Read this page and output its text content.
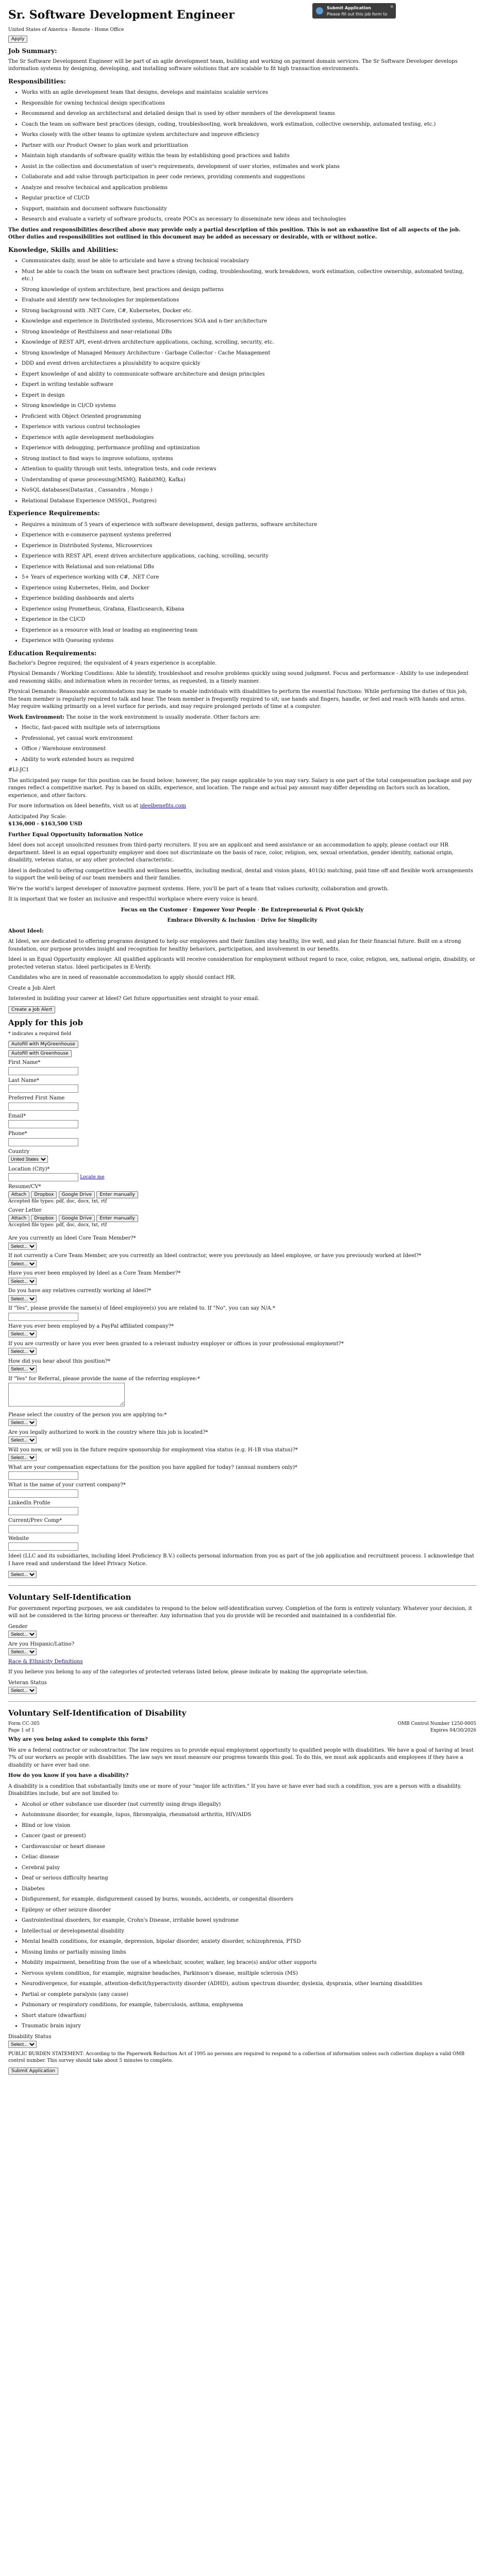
Submit Application
Please fill out this job form to apply
✕
Sr. Software Development Engineer
United States of America - Remote - Home Office
Apply
Job Summary:

The Sr Software Development Engineer will be part of an agile development team, building and working on payment domain services. The Sr Software Developer develops information systems by designing, developing, and installing software solutions that are scalable to fit high transaction environments.

Responsibilities:
• Works with an agile development team that designs, develops and maintains scalable services
• Responsible for owning technical design specifications
• Recommend and develop an architectural and detailed design that is used by other members of the development teams
• Coach the team on software best practices (design, coding, troubleshooting, work breakdown, work estimation, collective ownership, automated testing, etc.)
• Works closely with the other teams to optimize system architecture and improve efficiency
• Partner with our Product Owner to plan work and prioritization
• Maintain high standards of software quality within the team by establishing good practices and habits
• Assist in the collection and documentation of user's requirements, development of user stories, estimates and work plans
• Collaborate and add value through participation in peer code reviews, providing comments and suggestions
• Analyze and resolve technical and application problems
• Regular practice of CI/CD
• Support, maintain and document software functionality
• Research and evaluate a variety of software products, create POCs as necessary to disseminate new ideas and technologies

The duties and responsibilities described above may provide only a partial description of this position. This is not an exhaustive list of all aspects of the job. Other duties and responsibilities not outlined in this document may be added as necessary or desirable, with or without notice.

Knowledge, Skills and Abilities:
• Communicates daily, must be able to articulate and have a strong technical vocabulary
• Must be able to coach the team on software best practices (design, coding, troubleshooting, work breakdown, work estimation, collective ownership, automated testing, etc.)
• Strong knowledge of system architecture, best practices and design patterns
• Evaluate and identify new technologies for implementations
• Strong background with .NET Core, C#, Kubernetes, Docker etc.
• Knowledge and experience in Distributed systems, Microservices SOA and n-tier architecture
• Strong knowledge of Restfulness and near-relational DBs
• Knowledge of REST API, event-driven architecture applications, caching, scrolling, security, etc.
• Strong knowledge of Managed Memory Architecture - Garbage Collector - Cache Management
• DDD and event driven architectures a plus/ability to acquire quickly
• Expert knowledge of and ability to communicate software architecture and design principles
• Expert in writing testable software
• Expert in design
• Strong knowledge in CI/CD systems
• Proficient with Object Oriented programming
• Experience with various control technologies
• Experience with agile development methodologies
• Experience with debugging, performance profiling and optimization
• Strong instinct to find ways to improve solutions, systems
• Attention to quality through unit tests, integration tests, and code reviews
• Understanding of queue processing(MSMQ, RabbitMQ, Kafka)
• NoSQL databases(Datastax , Cassandra , Mongo )
• Relational Database Experience (MSSQL, Postgres)
Experience Requirements:
• Requires a minimum of 5 years of experience with software development, design patterns, software architecture
• Experience with e-commerce payment systems preferred
• Experience in Distributed Systems, Microservices
• Experience with REST API, event driven architecture applications, caching, scrolling, security
• Experience with Relational and non-relational DBs
• 5+ Years of experience working with C#, .NET Core
• Experience using Kubernetes, Helm, and Docker
• Experience building dashboards and alerts
• Experience using Prometheus, Grafana, Elasticsearch, Kibana
• Experience in the CI/CD
• Experience as a resource with lead or leading an engineering team
• Experience with Queueing systems
Education Requirements:

Bachelor's Degree required; the equivalent of 4 years experience is acceptable.

Physical Demands / Working Conditions: Able to identify, troubleshoot and resolve problems quickly using sound judgment. Focus and performance - Ability to use independent and reasoning skills; and information when in recorder terms, as requested, in a timely manner.

Physical Demands: Reasonable accommodations may be made to enable individuals with disabilities to perform the essential functions: While performing the duties of this job, the team member is regularly required to talk and hear. The team member is frequently required to sit; use hands and fingers, handle, or feel and reach with hands and arms. May require walking primarily on a level surface for periods, and may require prolonged periods of time at a computer.

Work Environment: The noise in the work environment is usually moderate. Other factors are:

• Hectic, fast-paced with multiple sets of interruptions
• Professional, yet casual work environment
• Office / Warehouse environment
• Ability to work extended hours as required

#LI-JC1

The anticipated pay range for this position can be found below; however, the pay range applicable to you may vary. Salary is one part of the total compensation package and pay ranges reflect a competitive market. Pay is based on skills, experience, and location. The range and actual pay amount may differ depending on factors such as location, experience, and other factors.

For more information on Ideel benefits, visit us at ideelbenefits.com

Anticipated Pay Scale:
$136,000 - $163,500 USD

Further Equal Opportunity Information Notice

Ideel does not accept unsolicited resumes from third-party recruiters. If you are an applicant and need assistance or an accommodation to apply, please contact our HR department. Ideel is an equal opportunity employer and does not discriminate on the basis of race, color, religion, sex, sexual orientation, gender identity, national origin, disability, veteran status, or any other protected characteristic.

Ideel is dedicated to offering competitive health and wellness benefits, including medical, dental and vision plans, 401(k) matching, paid time off and flexible work arrangements to support the well-being of our team members and their families.

We're the world's largest developer of innovative payment systems. Here, you'll be part of a team that values curiosity, collaboration and growth.

It is important that we foster an inclusive and respectful workplace where every voice is heard.

Focus on the Customer · Empower Your People · Be Entrepreneurial & Pivot Quickly

Embrace Diversity & Inclusion · Drive for Simplicity

About Ideel:

At Ideel, we are dedicated to offering programs designed to help our employees and their families stay healthy, live well, and plan for their financial future. Built on a strong foundation, our purpose provides insight and recognition for healthy behaviors, participation, and involvement in our benefits.

Ideel is an Equal Opportunity employer. All qualified applicants will receive consideration for employment without regard to race, color, religion, sex, national origin, disability, or protected veteran status. Ideel participates in E-Verify.

Candidates who are in need of reasonable accommodation to apply should contact HR.

Create a Job Alert

Interested in building your career at Ideel? Get future opportunities sent straight to your email.

Create a Job Alert
Apply for this job

* indicates a required field

Autofill with MyGreenhouse
Autofill with Greenhouse
First Name*
Last Name*
Preferred First Name
Email*
Phone*
Country
United States
Location (City)*
Locate me
Resume/CV*
Attach Dropbox Google Drive Enter manually
Accepted file types: pdf, doc, docx, txt, rtf
Cover Letter
Attach Dropbox Google Drive Enter manually
Accepted file types: pdf, doc, docx, txt, rtf
Are you currently an Ideel Core Team Member?*
Select...
If not currently a Core Team Member, are you currently an Ideel contractor, were you previously an Ideel employee, or have you previously worked at Ideel?*
Select...
Have you ever been employed by Ideel as a Core Team Member?*
Select...
Do you have any relatives currently working at Ideel?*
Select...
If "Yes", please provide the name(s) of Ideel employee(s) you are related to. If "No", you can say N/A.*
Have you ever been employed by a PayPal affiliated company?*
Select...
If you are currently or have you ever been granted to a relevant industry employer or offices in your professional employment?*
Select...
How did you hear about this position?*
Select...
If "Yes" for Referral, please provide the name of the referring employee:*
Please select the country of the person you are applying to:*
Select...
Are you legally authorized to work in the country where this job is located?*
Select...
Will you now, or will you in the future require sponsorship for employment visa status (e.g. H-1B visa status)?*
Select...
What are your compensation expectations for the position you have applied for today? (annual numbers only)*
What is the name of your current company?*
LinkedIn Profile
Current/Prev Comp*
Website

Ideel (LLC and its subsidiaries, including Ideel Proficiency B.V.) collects personal information from you as part of the job application and recruitment process. I acknowledge that I have read and understand the Ideel Privacy Notice.

Select...
Voluntary Self-Identification

For government reporting purposes, we ask candidates to respond to the below self-identification survey. Completion of the form is entirely voluntary. Whatever your decision, it will not be considered in the hiring process or thereafter. Any information that you do provide will be recorded and maintained in a confidential file.

Gender
Select...
Are you Hispanic/Latino?
Select...

Race & Ethnicity Definitions

If you believe you belong to any of the categories of protected veterans listed below, please indicate by making the appropriate selection.

Veteran Status
Select...
Voluntary Self-Identification of Disability
Form CC-305
Page 1 of 1
OMB Control Number 1250-0005
Expires 04/30/2026

Why are you being asked to complete this form?

We are a federal contractor or subcontractor. The law requires us to provide equal employment opportunity to qualified people with disabilities. We have a goal of having at least 7% of our workers as people with disabilities. The law says we must measure our progress towards this goal. To do this, we must ask applicants and employees if they have a disability or have ever had one.

How do you know if you have a disability?

A disability is a condition that substantially limits one or more of your "major life activities." If you have or have ever had such a condition, you are a person with a disability. Disabilities include, but are not limited to:

• Alcohol or other substance use disorder (not currently using drugs illegally)
• Autoimmune disorder, for example, lupus, fibromyalgia, rheumatoid arthritis, HIV/AIDS
• Blind or low vision
• Cancer (past or present)
• Cardiovascular or heart disease
• Celiac disease
• Cerebral palsy
• Deaf or serious difficulty hearing
• Diabetes
• Disfigurement, for example, disfigurement caused by burns, wounds, accidents, or congenital disorders
• Epilepsy or other seizure disorder
• Gastrointestinal disorders, for example, Crohn's Disease, irritable bowel syndrome
• Intellectual or developmental disability
• Mental health conditions, for example, depression, bipolar disorder, anxiety disorder, schizophrenia, PTSD
• Missing limbs or partially missing limbs
• Mobility impairment, benefiting from the use of a wheelchair, scooter, walker, leg brace(s) and/or other supports
• Nervous system condition, for example, migraine headaches, Parkinson's disease, multiple sclerosis (MS)
• Neurodivergence, for example, attention-deficit/hyperactivity disorder (ADHD), autism spectrum disorder, dyslexia, dyspraxia, other learning disabilities
• Partial or complete paralysis (any cause)
• Pulmonary or respiratory conditions, for example, tuberculosis, asthma, emphysema
• Short stature (dwarfism)
• Traumatic brain injury
Disability Status
Select...

PUBLIC BURDEN STATEMENT: According to the Paperwork Reduction Act of 1995 no persons are required to respond to a collection of information unless such collection displays a valid OMB control number. This survey should take about 5 minutes to complete.

Submit Application
